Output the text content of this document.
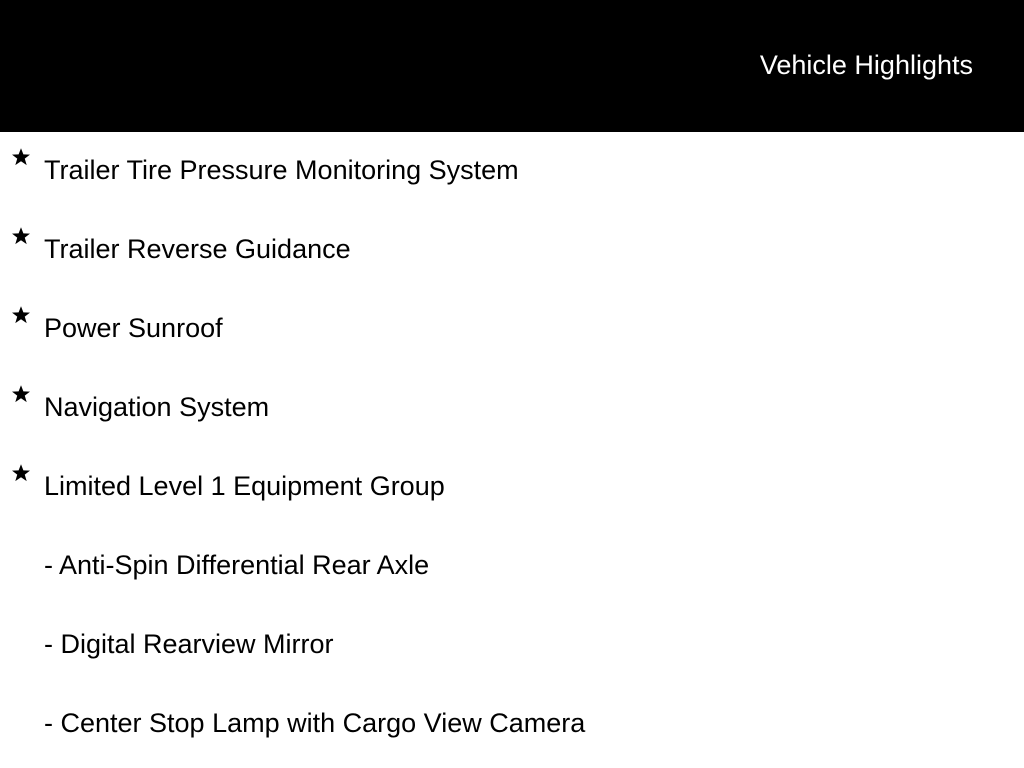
Vehicle Highlights
Trailer Tire Pressure Monitoring System
Trailer Reverse Guidance
Power Sunroof
Navigation System
Limited Level 1 Equipment Group
- Anti-Spin Differential Rear Axle
- Digital Rearview Mirror
- Center Stop Lamp with Cargo View Camera
